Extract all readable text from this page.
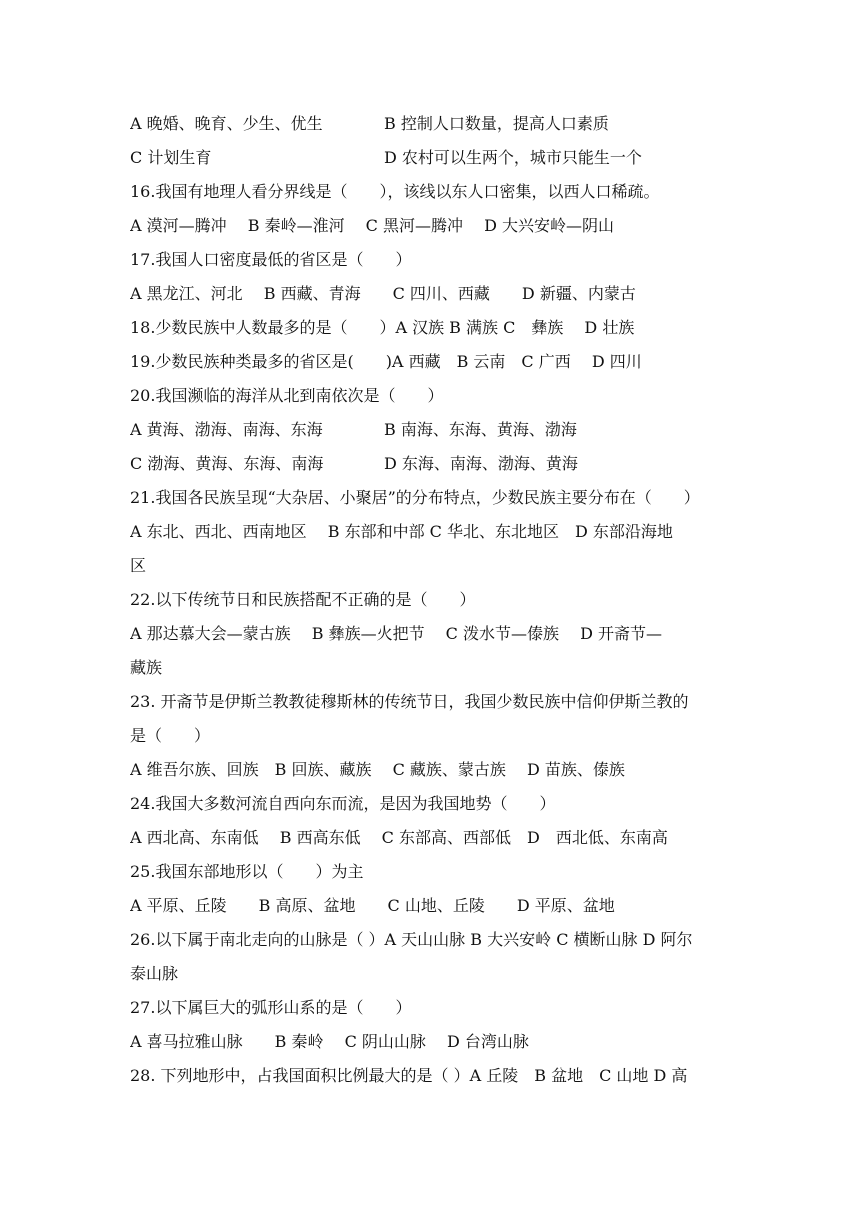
A 晚婚、晚育、少生、优生	B 控制人口数量，提高人口素质
C 计划生育	D 农村可以生两个，城市只能生一个
16.我国有地理人看分界线是（　　），该线以东人口密集，以西人口稀疏。
A 漠河—腾冲　 B 秦岭—淮河　 C 黑河—腾冲　 D 大兴安岭—阴山
17.我国人口密度最低的省区是（　　）
A 黑龙江、河北　 B 西藏、青海　　C 四川、西藏　　D 新疆、内蒙古
18.少数民族中人数最多的是（　　）A 汉族 B 满族 C　彝族　 D 壮族
19.少数民族种类最多的省区是(　　)A 西藏　B 云南　C 广西　 D 四川
20.我国濒临的海洋从北到南依次是（　　）
A 黄海、渤海、南海、东海	B 南海、东海、黄海、渤海
C 渤海、黄海、东海、南海	D 东海、南海、渤海、黄海
21.我国各民族呈现“大杂居、小聚居”的分布特点，少数民族主要分布在（　　）
A 东北、西北、西南地区　 B 东部和中部 C 华北、东北地区　D 东部沿海地
区
22.以下传统节日和民族搭配不正确的是（　　）
A 那达慕大会—蒙古族　 B 彝族—火把节　 C 泼水节—傣族　 D 开斋节—
藏族
23. 开斋节是伊斯兰教教徒穆斯林的传统节日，我国少数民族中信仰伊斯兰教的
是（　　）
A 维吾尔族、回族　B 回族、藏族　 C 藏族、蒙古族　 D 苗族、傣族
24.我国大多数河流自西向东而流，是因为我国地势（　　）
A 西北高、东南低　 B 西高东低　 C 东部高、西部低　D　西北低、东南高
25.我国东部地形以（　　）为主
A 平原、丘陵　　B 高原、盆地　　C 山地、丘陵　　D 平原、盆地
26.以下属于南北走向的山脉是（ ）A 天山山脉 B 大兴安岭 C 横断山脉 D 阿尔
泰山脉
27.以下属巨大的弧形山系的是（　　）
A 喜马拉雅山脉　　B 秦岭　 C 阴山山脉　 D 台湾山脉
28. 下列地形中，占我国面积比例最大的是（ ）A 丘陵　B 盆地　C 山地 D 高
